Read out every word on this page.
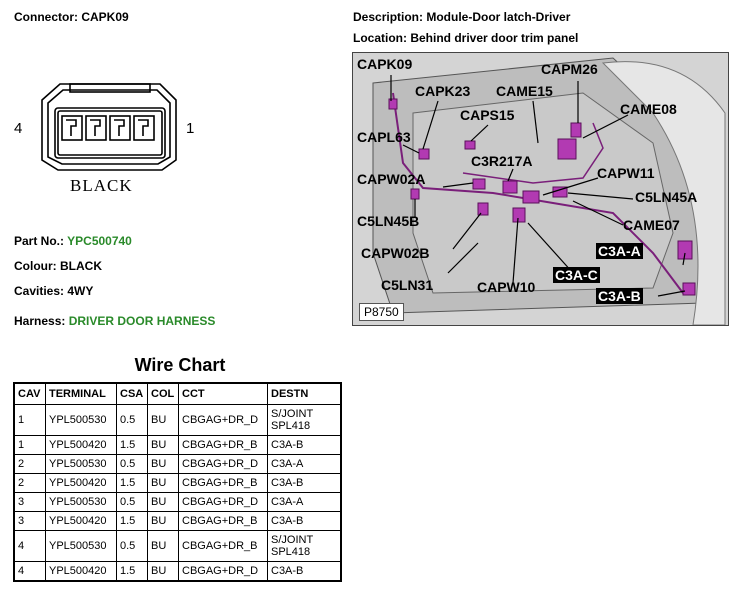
Connector: CAPK09	Description: Module-Door latch-Driver
Location: Behind driver door trim panel
4	1
BLACK
Part No.: YPC500740
Colour: BLACK
Cavities: 4WY
Harness: DRIVER DOOR HARNESS
CAPK09
CAPK23 CAME15
CAPM26
CAPS15	CAME08
CAPL63
C3R217A
CAPW11
CAPW02A
C5LN45A
C5LN45B	CAME07
CAPW02B	C3A-A
C3A-C
C5LN31	CAPW10
C3A-B
P8750
Wire Chart
CAV	TERMINAL	CSA	COL	CCT	DESTN
1	YPL500530	0.5	BU	CBGAG+DR_D	S/JOINT SPL418
1	YPL500420	1.5	BU	CBGAG+DR_B	C3A-B
2	YPL500530	0.5	BU	CBGAG+DR_D	C3A-A
2	YPL500420	1.5	BU	CBGAG+DR_B	C3A-B
3	YPL500530	0.5	BU	CBGAG+DR_D	C3A-A
3	YPL500420	1.5	BU	CBGAG+DR_B	C3A-B
4	YPL500530	0.5	BU	CBGAG+DR_B	S/JOINT SPL418
4	YPL500420	1.5	BU	CBGAG+DR_D	C3A-B
